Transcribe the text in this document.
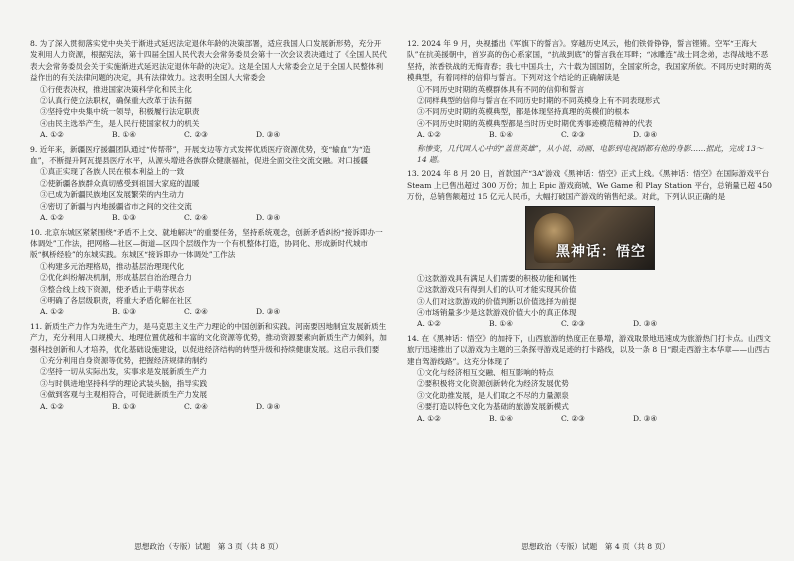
8. 为了深入贯彻落实党中央关于渐进式延迟法定退休年龄的决策部署，适应我国人口发展新形势，充分开发利用人力资源，根据宪法，第十四届全国人民代表大会常务委员会第十一次会议表决通过了《全国人民代表大会常务委员会关于实施渐进式延迟法定退休年龄的决定》。这是全国人大常委会立足于全国人民整体利益作出的有关法律问题的决定，具有法律效力。这表明全国人大常委会
①行使表决权，推进国家决策科学化和民主化
②认真行使立法职权，确保重大改革于法有据
③坚持党中央集中统一领导，积极履行法定职责
④由民主选举产生，是人民行使国家权力的机关
A. ①②	B. ①④	C. ②③	D. ③④
9. 近年来，新疆医疗援疆团队通过“传帮带”，开展支边等方式发挥优质医疗资源优势，变“输血”为“造血”，不断提升阿瓦提县医疗水平，从源头增进各族群众健康福祉，促进全面交往交流交融。对口援疆
①真正实现了各族人民在根本利益上的一致
②使新疆各族群众真切感受到祖国大家庭的温暖
③已成为新疆民族地区发展繁荣的内生动力
④密切了新疆与内地援疆省市之间的交往交流
A. ①②	B. ①③	C. ②④	D. ③④
10. 北京东城区紧紧围绕“矛盾不上交、就地解决”的重要任务，坚持系统观念，创新矛盾纠纷“接诉即办一体调处”工作法，把网格—社区—街道—区四个层级作为一个有机整体打造，协同化、形成新时代城市版“枫桥经验”的东城实践。东城区“接诉即办一体调处”工作法
①构建多元治理格局，推动基层治理现代化
②优化纠纷解决机制，形成基层自治治理合力
③整合线上线下资源，使矛盾止于萌芽状态
④明确了各层级职责，将重大矛盾化解在社区
A. ①②	B. ①③	C. ②④	D. ③④
11. 新质生产力作为先进生产力，是马克思主义生产力理论的中国创新和实践。河南要因地制宜发展新质生产力，充分利用人口规模大、地理位置优越和丰富的文化资源等优势，推动资源要素向新质生产力倾斜，加强科技创新和人才培养，优化基础设施建设，以促进经济结构的转型升级和持续健康发展。这启示我们要
①充分利用自身资源等优势，把握经济规律的制约
②坚持一切从实际出发，实事求是发展新质生产力
③与时俱进地坚持科学的理论武装头脑，指导实践
④做到客观与主观相符合，可促进新质生产力发展
A. ①②	B. ①③	C. ②④	D. ③④
思想政治（专版）试题　第 3 页（共 8 页）
12. 2024 年 9 月，央视播出《军旗下的誓言》。穿越历史风云，他们铁骨铮铮，誓言铿锵。空军“王海大队”在抗美援朝中，首岁高的伤心系家国，“抗战到底”的誓言我在耳畔；“冰雕连”战士同念弟，志得战地不恶坚持，浓香铁战的无悔青春；我七中国兵士，六十载为国国防，全国家所念，我国家所依。不同历史时期的英模典型，有着同样的信仰与誓言。下列对这个结论的正确解读是
①不同历史时期的英模群体具有不同的信仰和誓言
②同样典型的信仰与誓言在不同历史时期的不同英模身上有不同表现形式
③不同历史时期的英模典型，都是体现坚持真理的英模们的根本
④不同历史时期的英模典型都是当时历史时期优秀事迹模范精神的代表
A. ①②	B. ①④	C. ②③	D. ③④
称惨变，几代国人心中的“盖世英雄”，从小说、动画、电影到电视剧都有他的身影……据此，完成 13～14 题。
13. 2024 年 8 月 20 日，首款国产“3A”游戏《黑神话：悟空》正式上线。《黑神话：悟空》在国际游戏平台 Steam 上已售出超过 300 万份；加上 Epic 游戏商城、We Game 和 Play Station 平台，总销量已超 450 万份，总销售额超过 15 亿元人民币，大幅打破国产游戏的销售纪录。对此，下列认识正确的是
黑神话：悟空
①这款游戏具有满足人们需要的积极功能和属性
②这款游戏只有得到人们的认可才能实现其价值
③人们对这款游戏的价值判断以价值选择为前提
④市场销量多少是这款游戏价值大小的真正体现
A. ①②	B. ①④	C. ②③	D. ③④
14. 在《黑神话：悟空》的加持下，山西旅游的热度正在暴增，游戏取景地迅速成为旅游热门打卡点。山西文旅厅迅速推出了以游戏为主题的三条探寻游戏足迹的打卡路线，以及一条 8 日“跟走西游主本华章——山西古建自驾游线路”。这充分体现了
①文化与经济相互交融、相互影响的特点
②要积极将文化资源创新转化为经济发展优势
③文化助推发展，是人们取之不尽的力量源泉
④要打造以特色文化为基础的旅游发展新模式
A. ①②	B. ①④	C. ②③	D. ③④
思想政治（专版）试题　第 4 页（共 8 页）
